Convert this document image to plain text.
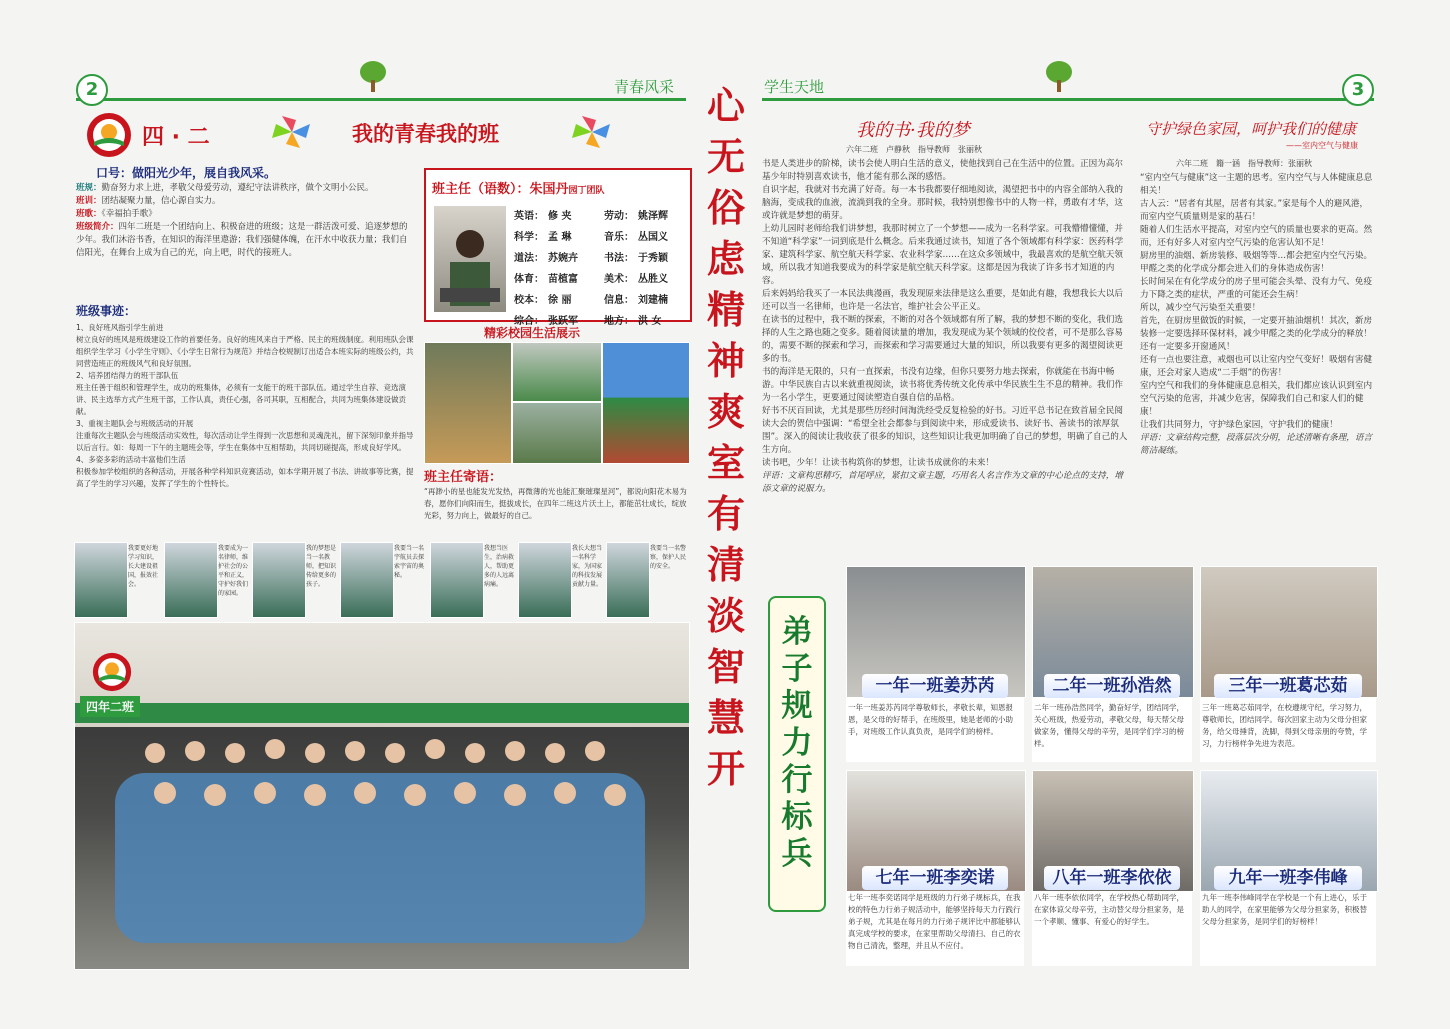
2	青春风采
四 · 二	我的青春我的班
口号：做阳光少年，展自我风采。
班规：勤奋努力求上进，孝敬父母爱劳动，遵纪守法讲秩序，做个文明小公民。
班训：团结凝聚力量，信心源自实力。
班歌：《幸福拍手歌》
班级简介：四年二班是一个团结向上、积极奋进的班级；这是一群活泼可爱、追逐梦想的少年。我们沐浴书香，在知识的海洋里遨游；我们强健体魄，在汗水中收获力量；我们自信阳光，在舞台上成为自己的光，向上吧，时代的接班人。
班级事迹：
1、良好班风指引学生前进
树立良好的班风是班级建设工作的首要任务。良好的班风来自于严格、民主的班级制度。利用班队会课组织学生学习《小学生守则》、《小学生日常行为规范》并结合校规制订出适合本班实际的班级公约，共同营造班正的班级风气和良好氛围。
2、培养团结得力的班干部队伍
班主任善于组织和管理学生，成功的班集体，必须有一支能干的班干部队伍。通过学生自荐、竞选演讲、民主选举方式产生班干部，工作认真，责任心强，各司其职，互相配合，共同为班集体建设做贡献。
3、重视主题队会与班级活动的开展
注重每次主题队会与班级活动实效性，每次活动让学生得到一次思想和灵魂洗礼，留下深刻印象并指导以后言行。如：每周一下午的主题班会等，学生在集体中互相帮助，共同切磋提高，形成良好学风。
4、多姿多彩的活动丰富他们生活
积极参加学校组织的各种活动，开展各种学科知识竞赛活动，如本学期开展了书法、讲故事等比赛，提高了学生的学习兴趣，发挥了学生的个性特长。
班主任（语数）：朱国丹园丁团队
英语： 修 夹	劳动： 姚泽辉
科学： 孟 琳	音乐： 丛国义
道法： 苏婉卉	书法： 于秀颖
体育： 苗植富	美术： 丛胜义
校本： 徐 丽	信息： 刘建楠
综合： 张跃军	地方： 洪 女
精彩校园生活展示
班主任寄语：
“再渺小的星也能发光发热，再微薄的光也能汇聚璀璨星河”，都说向阳花木易为春，愿你们向阳而生，挺拔成长，在四年二班这片沃土上，都能茁壮成长，绽放光彩，努力向上，做最好的自己。
我要更好地学习知识，长大建设祖国，报效社会。
我要成为一名律师，维护社会的公平和正义，守护好我们的家园。
我的梦想是当一名教师，把知识传给更多的孩子。
我要当一名宇航员去探索宇宙的奥秘。
我想当医生，治病救人，帮助更多的人远离病痛。
我长大想当一名科学家，为国家的科技发展贡献力量。
我要当一名警察，保护人民的安全。
四年二班
心
无
俗
虑
精
神
爽
室
有
清
淡
智
慧
开
学生天地	3
我的书·我的梦
六年二班　卢静秋　指导教师　张丽秋
书是人类进步的阶梯，读书会使人明白生活的意义，使他找到自己在生活中的位置。正因为高尔基少年时特别喜欢读书，他才能有那么深的感悟。
自识字起，我就对书充满了好奇。每一本书我都要仔细地阅读，渴望把书中的内容全部纳入我的脑海，变成我的血液，流淌到我的全身。那时候，我特别想像书中的人物一样，勇敢有才华，这或许就是梦想的萌芽。
上幼儿园时老师给我们讲梦想，我那时树立了一个梦想——成为一名科学家。可我懵懵懂懂，并不知道“科学家”一词到底是什么概念。后来我通过读书，知道了各个领域都有科学家：医药科学家、建筑科学家、航空航天科学家、农业科学家……在这众多领域中，我最喜欢的是航空航天领域，所以我才知道我要成为的科学家是航空航天科学家。这都是因为我读了许多书才知道的内容。
后来妈妈给我买了一本民法典漫画，我发现原来法律是这么重要，是如此有趣，我想我长大以后还可以当一名律师，也许是一名法官，维护社会公平正义。
在读书的过程中，我不断的探索，不断的对各个领域都有所了解，我的梦想不断的变化，我们选择的人生之路也随之变多。随着阅读量的增加，我发现成为某个领域的佼佼者，可不是那么容易的，需要不断的探索和学习，而探索和学习需要通过大量的知识，所以我要有更多的渴望阅读更多的书。
书的海洋是无限的，只有一直探索，书没有边缘，但你只要努力地去探索，你就能在书海中畅游。中华民族自古以来就重视阅读，读书将优秀传统文化传承中华民族生生不息的精神。我们作为一名小学生，更要通过阅读塑造自强自信的品格。
好书不厌百回读，尤其是那些历经时间淘洗经受反复检验的好书。习近平总书记在致首届全民阅读大会的贺信中强调：“希望全社会都参与到阅读中来，形成爱读书、读好书、善读书的浓厚氛围”。深入的阅读让我收获了很多的知识，这些知识让我更加明确了自己的梦想，明确了自己的人生方向。
读书吧，少年！让读书构筑你的梦想，让读书成就你的未来！
评语：文章构思精巧，首尾呼应，紧扣文章主题，巧用名人名言作为文章的中心论点的支持，增添文章的说服力。
守护绿色家园，呵护我们的健康
——室内空气与健康
六年二班　籍一涵　指导教师：张丽秋
“室内空气与健康”这一主题的思考。室内空气与人体健康息息相关！
古人云：“居者有其屋，居者有其家。”家是每个人的避风港，而室内空气质量则是家的基石！
随着人们生活水平提高，对室内空气的质量也要求的更高。然而，还有好多人对室内空气污染的危害认知不足！
厨房里的油烟、新房装修、吸烟等等…都会把室内空气污染。甲醛之类的化学成分都会进入们的身体造成伤害！
长时间呆在有化学成分的房子里可能会头晕、没有力气、免疫力下降之类的症状，严重的可能还会生病！
所以，减少空气污染至关重要！
首先，在厨房里做饭的时候，一定要开抽油烟机！其次，新房装修一定要选择环保材料，减少甲醛之类的化学成分的释放！还有一定要多开窗通风！
还有一点也要注意，戒烟也可以让室内空气变好！吸烟有害健康，还会对家人造成“二手烟”的伤害！
室内空气和我们的身体健康息息相关，我们都应该认识到室内空气污染的危害，并减少危害，保障我们自己和家人们的健康！
让我们共同努力，守护绿色家园，守护我们的健康！
评语：文章结构完整，段落层次分明，论述清晰有条理，语言简洁凝练。
弟
子
规
力
行
标
兵
一年一班姜苏芮
一年一班姜苏芮同学尊敬师长，孝敬长辈，知恩报恩，是父母的好帮手，在班级里，她是老师的小助手，对班级工作认真负责，是同学们的榜样。
二年一班孙浩然
二年一班孙浩然同学，勤奋好学，团结同学，关心班级，热爱劳动，孝敬父母，每天帮父母做家务，懂得父母的辛劳，是同学们学习的榜样。
三年一班葛芯茹
三年一班葛芯茹同学，在校遵规守纪，学习努力，尊敬师长，团结同学。每次回家主动为父母分担家务，给父母捶背，洗脚，得到父母亲朋的夸赞，学习，力行榜样争先进为表范。
七年一班李奕诺
七年一班李奕诺同学是班级的力行弟子规标兵，在我校的特色力行弟子规活动中，能够坚持每天力行践行弟子规，尤其是在每月的力行弟子规评比中都能够认真完成学校的要求，在家里帮助父母清扫、自己的衣物自己清洗，整理，并且从不应付。
八年一班李依依
八年一班李依依同学，在学校热心帮助同学，在家体谅父母辛劳，主动替父母分担家务，是一个孝顺、懂事、有爱心的好学生。
九年一班李伟峰
九年一班李伟峰同学在学校是一个有上进心，乐于助人的同学，在家里能够为父母分担家务，积极替父母分担家务，是同学们的好榜样！
